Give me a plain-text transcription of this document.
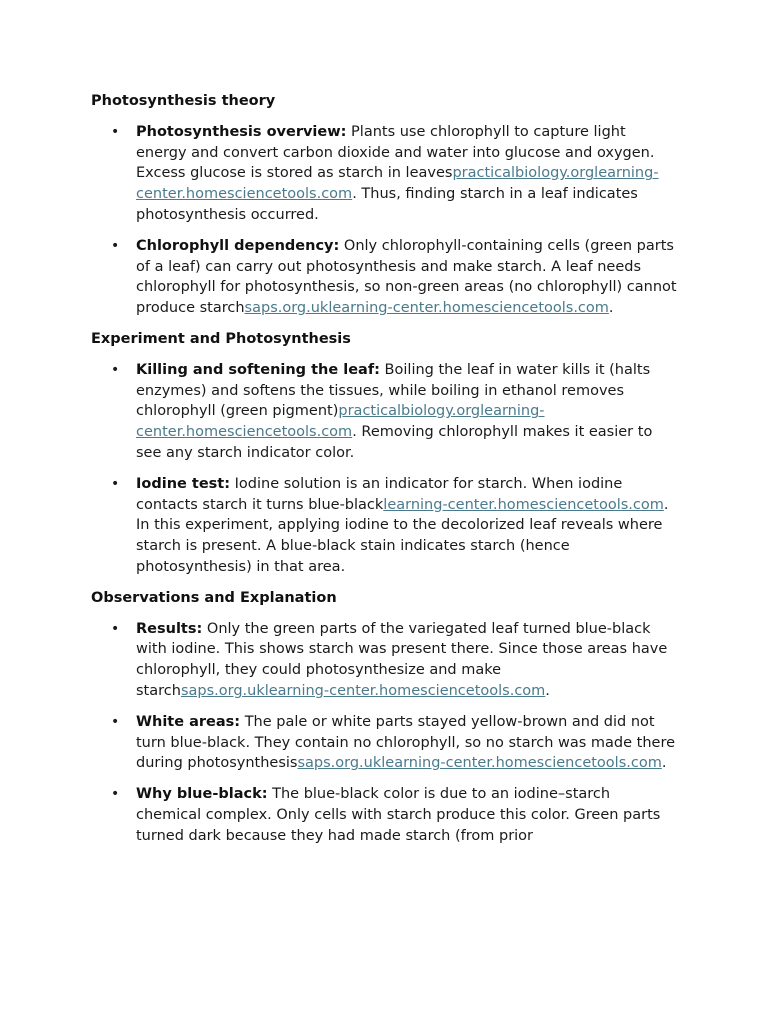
Photosynthesis theory
• Photosynthesis overview: Plants use chlorophyll to capture light energy and convert carbon dioxide and water into glucose and oxygen. Excess glucose is stored as starch in leavespracticalbiology.orglearning-center.homesciencetools.com. Thus, finding starch in a leaf indicates photosynthesis occurred.
• Chlorophyll dependency: Only chlorophyll-containing cells (green parts of a leaf) can carry out photosynthesis and make starch. A leaf needs chlorophyll for photosynthesis, so non-green areas (no chlorophyll) cannot produce starchsaps.org.uklearning-center.homesciencetools.com.
Experiment and Photosynthesis
• Killing and softening the leaf: Boiling the leaf in water kills it (halts enzymes) and softens the tissues, while boiling in ethanol removes chlorophyll (green pigment)practicalbiology.orglearning-center.homesciencetools.com. Removing chlorophyll makes it easier to see any starch indicator color.
• Iodine test: Iodine solution is an indicator for starch. When iodine contacts starch it turns blue-blacklearning-center.homesciencetools.com. In this experiment, applying iodine to the decolorized leaf reveals where starch is present. A blue-black stain indicates starch (hence photosynthesis) in that area.
Observations and Explanation
• Results: Only the green parts of the variegated leaf turned blue-black with iodine. This shows starch was present there. Since those areas have chlorophyll, they could photosynthesize and make starchsaps.org.uklearning-center.homesciencetools.com.
• White areas: The pale or white parts stayed yellow-brown and did not turn blue-black. They contain no chlorophyll, so no starch was made there during photosynthesissaps.org.uklearning-center.homesciencetools.com.
• Why blue-black: The blue-black color is due to an iodine–starch chemical complex. Only cells with starch produce this color. Green parts turned dark because they had made starch (from prior
